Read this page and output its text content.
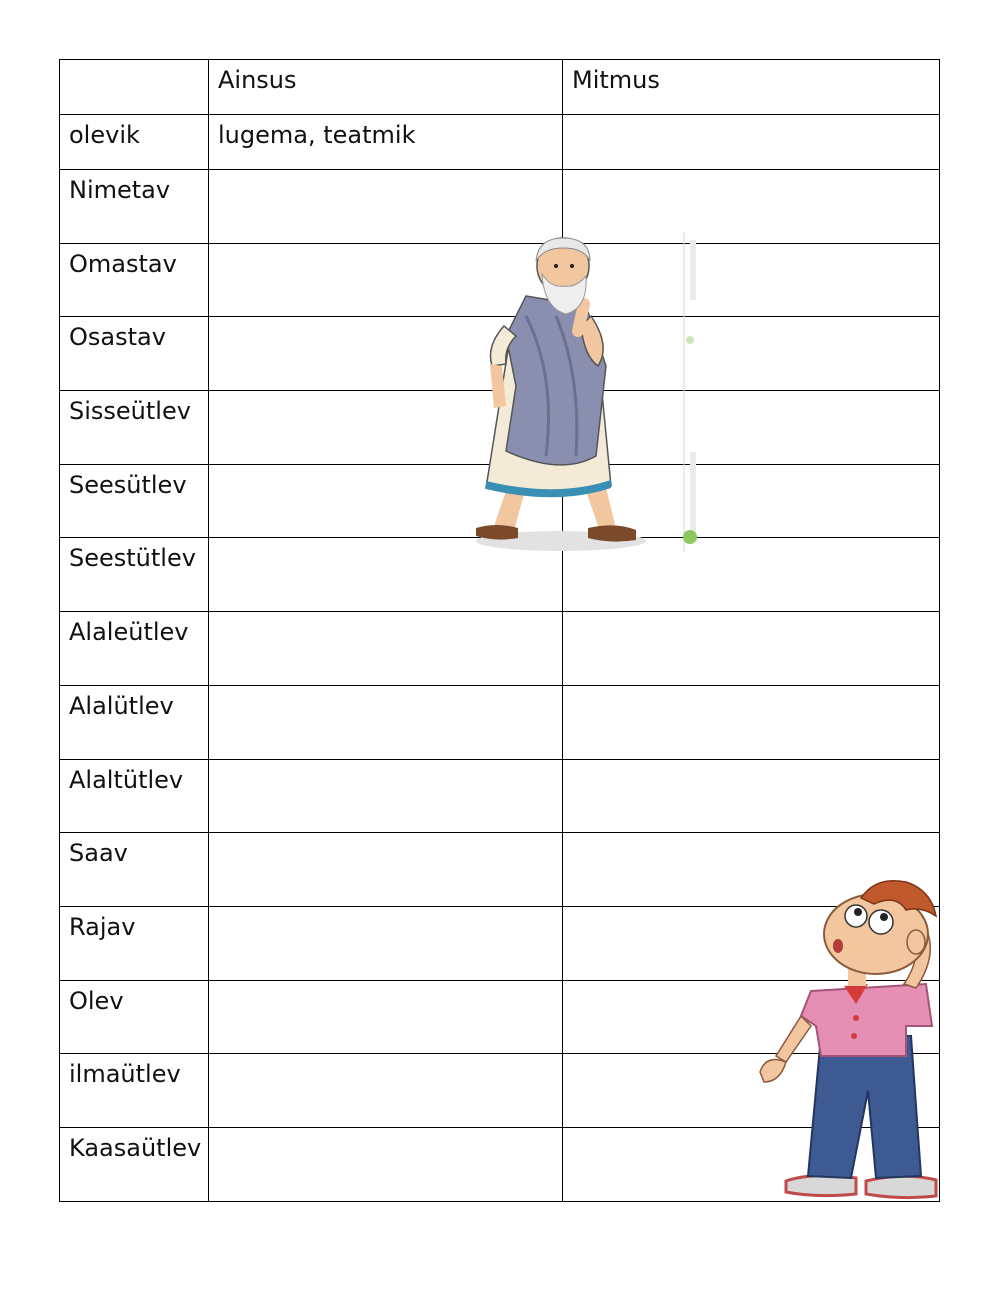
	Ainsus	Mitmus
olevik	lugema, teatmik	
Nimetav		
Omastav		
Osastav		
Sisseütlev		
Seesütlev		
Seestütlev		
Alaleütlev		
Alalütlev		
Alaltütlev		
Saav		
Rajav		
Olev		
ilmaütlev		
Kaasaütlev		
